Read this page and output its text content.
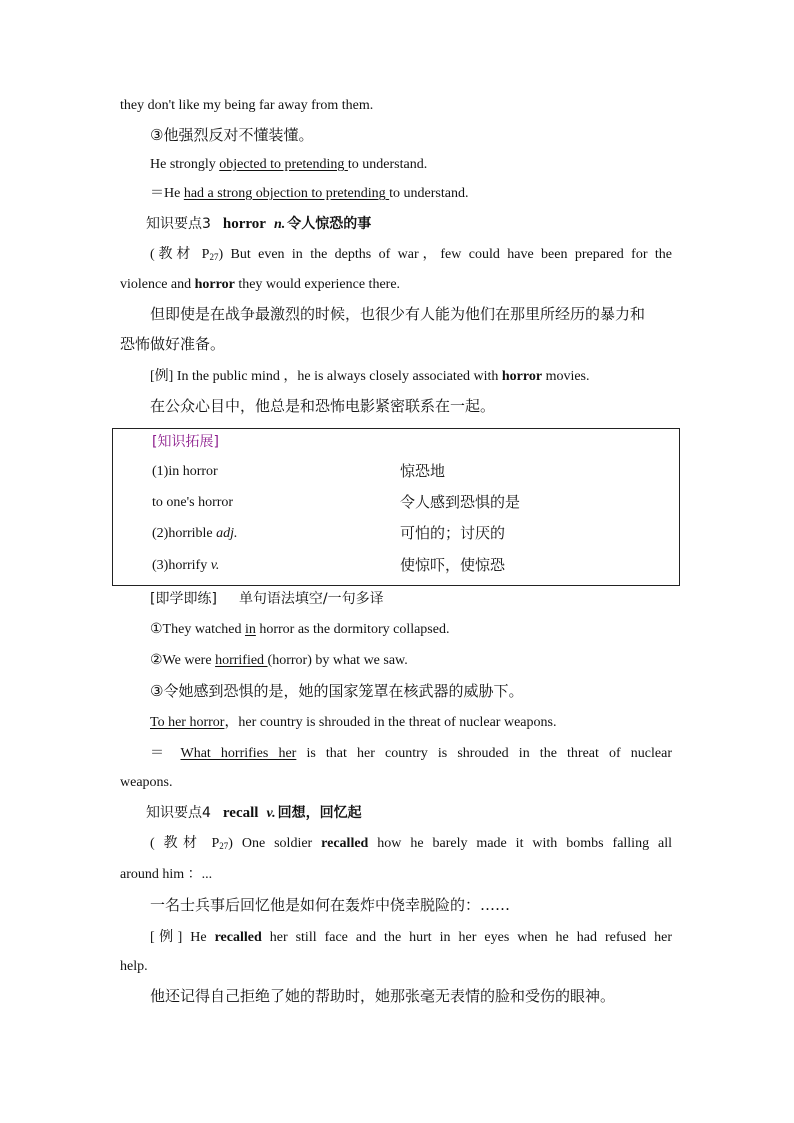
they don't like my being far away from them.
③他强烈反对不懂装懂。
He strongly objected to pretending to understand.
＝He had a strong objection to pretending to understand.
知识要点3 horror n. 令人惊恐的事
(教材 $P_{27}$) But even in the depths of war，few could have been prepared for the
violence and horror they would experience there.
但即使是在战争最激烈的时候，也很少有人能为他们在那里所经历的暴力和
恐怖做好准备。
[例] In the public mind ，he is always closely associated with horror movies.
在公众心目中，他总是和恐怖电影紧密联系在一起。
[知识拓展]
(1)in horror	惊恐地
to one's horror	令人感到恐惧的是
(2)horrible adj.	可怕的；讨厌的
(3)horrify v.	使惊吓，使惊恐
[即学即练] 单句语法填空/一句多译
①They watched in horror as the dormitory collapsed.
②We were horrified (horror) by what we saw.
③令她感到恐惧的是，她的国家笼罩在核武器的威胁下。
To her horror，her country is shrouded in the threat of nuclear weapons.
＝ What horrifies her is that her country is shrouded in the threat of nuclear
weapons.
知识要点4 recall v. 回想，回忆起
( 教材 $P_{27}$) One soldier recalled how he barely made it with bombs falling all
around him ：...
一名士兵事后回忆他是如何在轰炸中侥幸脱险的：……
[例] He recalled her still face and the hurt in her eyes when he had refused her
help.
他还记得自己拒绝了她的帮助时，她那张毫无表情的脸和受伤的眼神。
